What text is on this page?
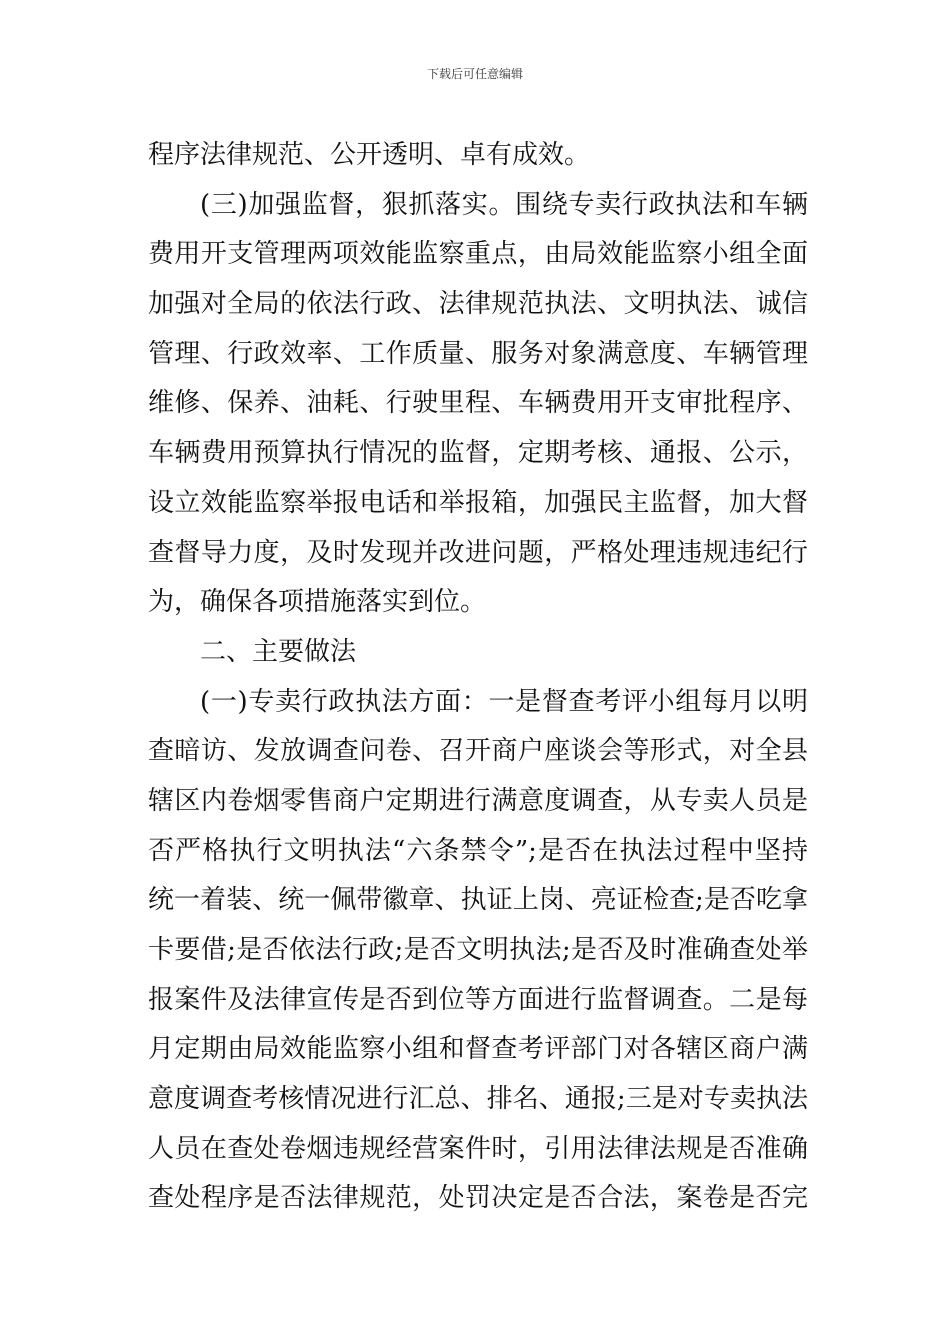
下载后可任意编辑
程序法律规范、公开透明、卓有成效。
(三)加强监督，狠抓落实。围绕专卖行政执法和车辆
费用开支管理两项效能监察重点，由局效能监察小组全面
加强对全局的依法行政、法律规范执法、文明执法、诚信
管理、行政效率、工作质量、服务对象满意度、车辆管理
维修、保养、油耗、行驶里程、车辆费用开支审批程序、
车辆费用预算执行情况的监督，定期考核、通报、公示，
设立效能监察举报电话和举报箱，加强民主监督，加大督
查督导力度，及时发现并改进问题，严格处理违规违纪行
为，确保各项措施落实到位。
二、主要做法
(一)专卖行政执法方面：一是督查考评小组每月以明
查暗访、发放调查问卷、召开商户座谈会等形式，对全县
辖区内卷烟零售商户定期进行满意度调查，从专卖人员是
否严格执行文明执法“六条禁令”;是否在执法过程中坚持
统一着装、统一佩带徽章、执证上岗、亮证检查;是否吃拿
卡要借;是否依法行政;是否文明执法;是否及时准确查处举
报案件及法律宣传是否到位等方面进行监督调查。二是每
月定期由局效能监察小组和督查考评部门对各辖区商户满
意度调查考核情况进行汇总、排名、通报;三是对专卖执法
人员在查处卷烟违规经营案件时，引用法律法规是否准确
查处程序是否法律规范，处罚决定是否合法，案卷是否完
